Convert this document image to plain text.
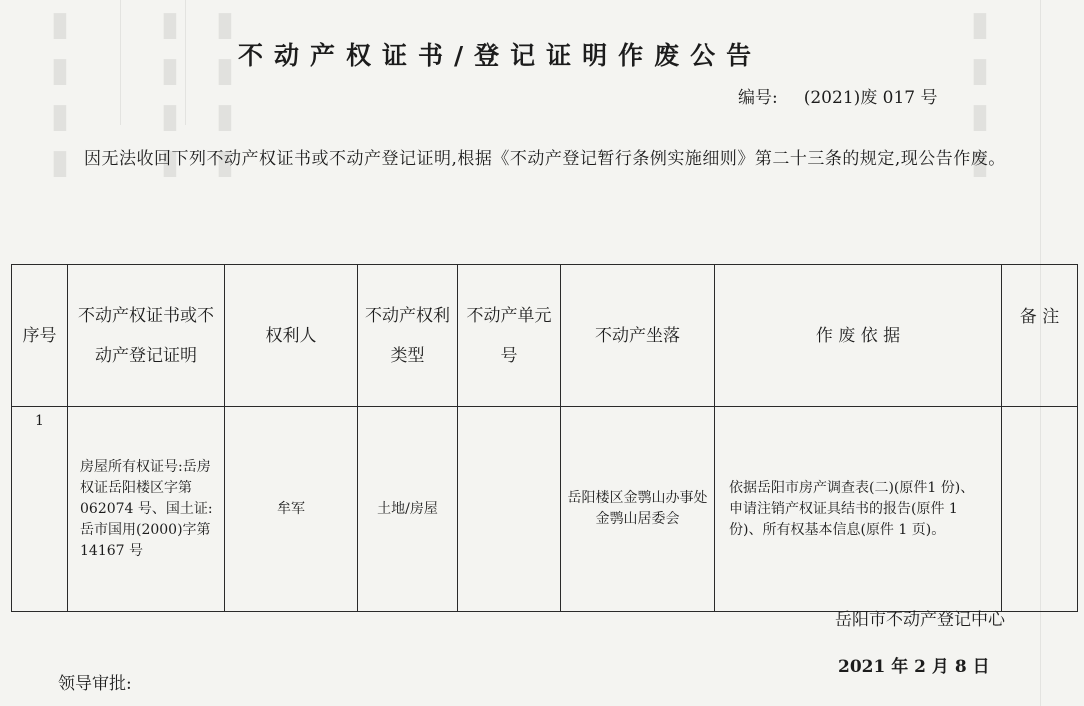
▮▮▮▮ ▮▮▮▮ ▮▮▮▮	▮▮▮▮
不动产权证书/登记证明作废公告
编号: (2021)废 017 号
因无法收回下列不动产权证书或不动产登记证明,根据《不动产登记暂行条例实施细则》第二十三条的规定,现公告作废。
序号	不动产权证书或不动产登记证明	权利人	不动产权利类型	不动产单元号	不动产坐落	作 废 依 据	备 注
1	房屋所有权证号:岳房权证岳阳楼区字第 062074 号、国土证:岳市国用(2000)字第14167 号	牟军	土地/房屋		岳阳楼区金鹗山办事处金鹗山居委会	依据岳阳市房产调查表(二)(原件1 份)、申请注销产权证具结书的报告(原件 1 份)、所有权基本信息(原件 1 页)。	
岳阳市不动产登记中心
2021 年 2 月 8 日
领导审批:
